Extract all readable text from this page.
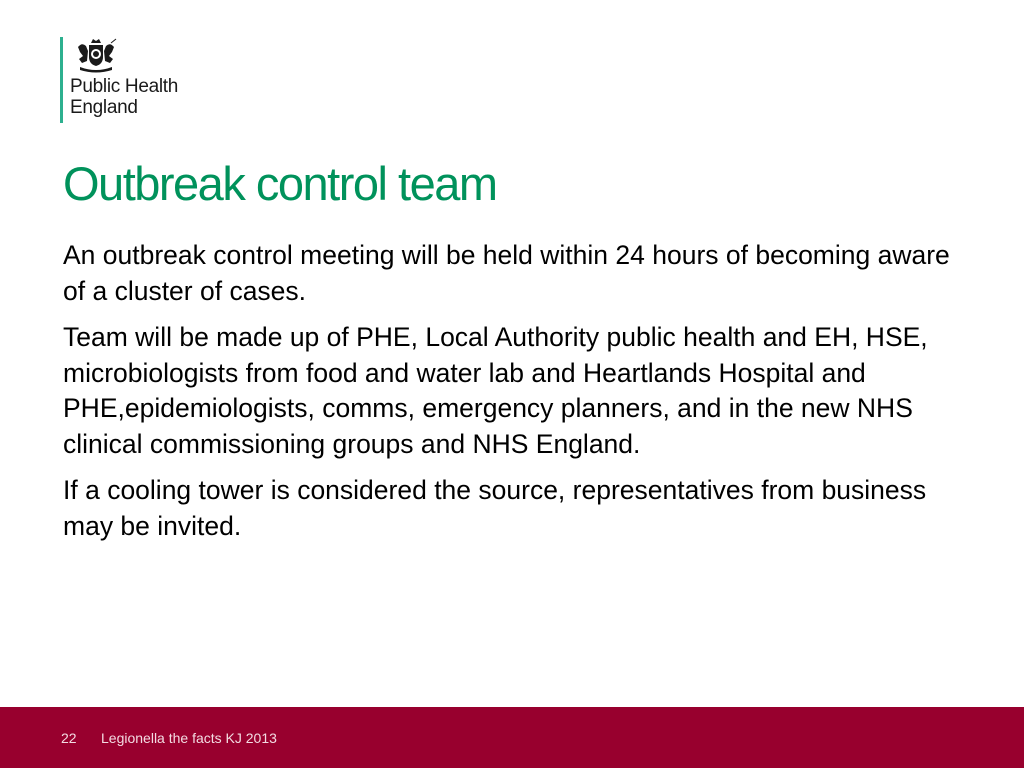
Public Health
England
Outbreak control team

An outbreak control meeting will be held within 24 hours of becoming aware of a cluster of cases.

Team will be made up of PHE, Local Authority public health and EH, HSE, microbiologists from food and water lab and Heartlands Hospital and PHE,epidemiologists, comms, emergency planners, and in the new NHS clinical commissioning groups and NHS England.

If a cooling tower is considered the source, representatives from business may be invited.

22 Legionella the facts KJ 2013
